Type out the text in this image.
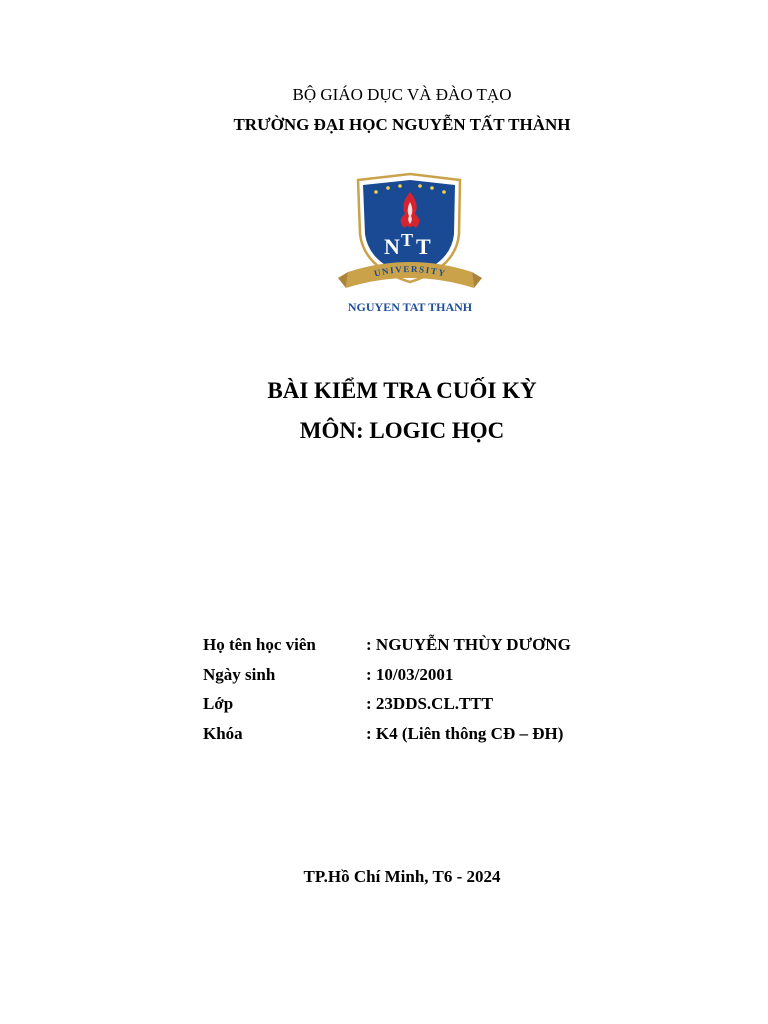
BỘ GIÁO DỤC VÀ ĐÀO TẠO
TRƯỜNG ĐẠI HỌC NGUYỄN TẤT THÀNH
N T T
UNIVERSITY
NGUYEN TAT THANH
BÀI KIỂM TRA CUỐI KỲ
MÔN: LOGIC HỌC
Họ tên học viên	: NGUYỄN THÙY DƯƠNG
Ngày sinh	: 10/03/2001
Lớp	: 23DDS.CL.TTT
Khóa	: K4 (Liên thông CĐ – ĐH)
TP.Hồ Chí Minh, T6 - 2024
